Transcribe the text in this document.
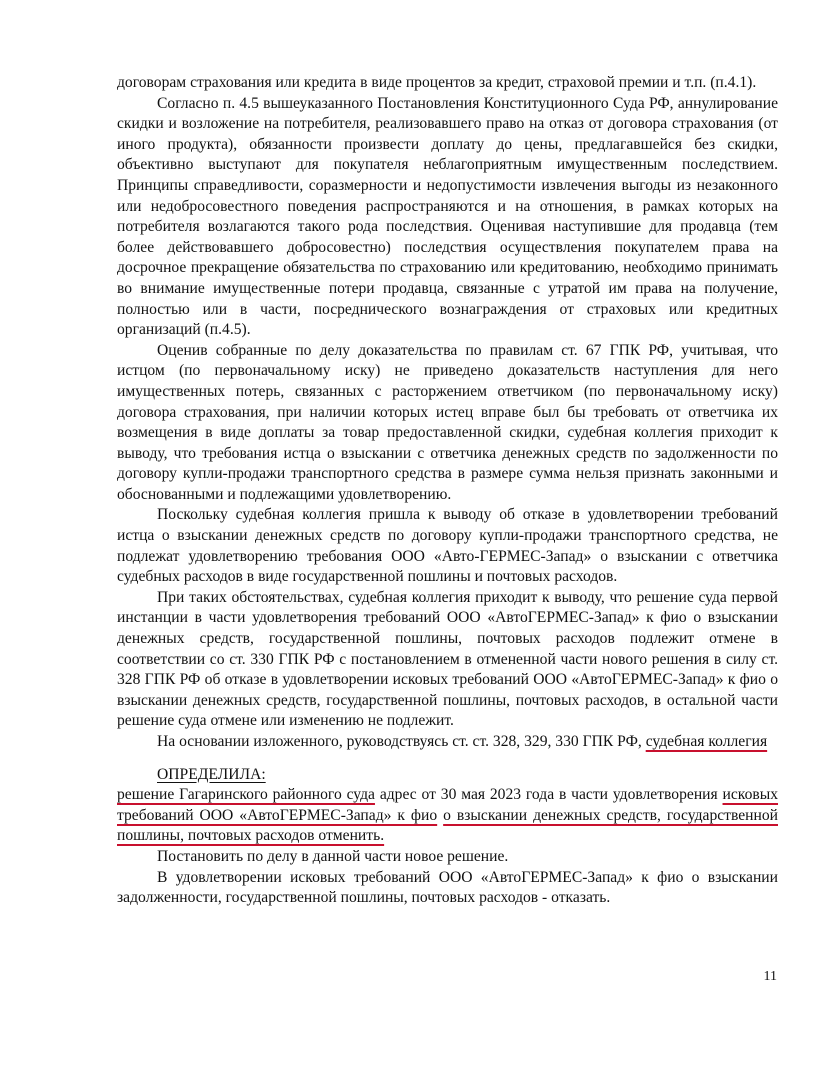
договорам страхования или кредита в виде процентов за кредит, страховой премии и т.п. (п.4.1).

Согласно п. 4.5 вышеуказанного Постановления Конституционного Суда РФ, аннулирование скидки и возложение на потребителя, реализовавшего право на отказ от договора страхования (от иного продукта), обязанности произвести доплату до цены, предлагавшейся без скидки, объективно выступают для покупателя неблагоприятным имущественным последствием. Принципы справедливости, соразмерности и недопустимости извлечения выгоды из незаконного или недобросовестного поведения распространяются и на отношения, в рамках которых на потребителя возлагаются такого рода последствия. Оценивая наступившие для продавца (тем более действовавшего добросовестно) последствия осуществления покупателем права на досрочное прекращение обязательства по страхованию или кредитованию, необходимо принимать во внимание имущественные потери продавца, связанные с утратой им права на получение, полностью или в части, посреднического вознаграждения от страховых или кредитных организаций (п.4.5).

Оценив собранные по делу доказательства по правилам ст. 67 ГПК РФ, учитывая, что истцом (по первоначальному иску) не приведено доказательств наступления для него имущественных потерь, связанных с расторжением ответчиком (по первоначальному иску) договора страхования, при наличии которых истец вправе был бы требовать от ответчика их возмещения в виде доплаты за товар предоставленной скидки, судебная коллегия приходит к выводу, что требования истца о взыскании с ответчика денежных средств по задолженности по договору купли-продажи транспортного средства в размере сумма нельзя признать законными и обоснованными и подлежащими удовлетворению.

Поскольку судебная коллегия пришла к выводу об отказе в удовлетворении требований истца о взыскании денежных средств по договору купли-продажи транспортного средства, не подлежат удовлетворению требования ООО «Авто-ГЕРМЕС-Запад» о взыскании с ответчика судебных расходов в виде государственной пошлины и почтовых расходов.

При таких обстоятельствах, судебная коллегия приходит к выводу, что решение суда первой инстанции в части удовлетворения требований ООО «АвтоГЕРМЕС-Запад» к фио о взыскании денежных средств, государственной пошлины, почтовых расходов подлежит отмене в соответствии со ст. 330 ГПК РФ с постановлением в отмененной части нового решения в силу ст. 328 ГПК РФ об отказе в удовлетворении исковых требований ООО «АвтоГЕРМЕС-Запад» к фио о взыскании денежных средств, государственной пошлины, почтовых расходов, в остальной части решение суда отмене или изменению не подлежит.

На основании изложенного, руководствуясь ст. ст. 328, 329, 330 ГПК РФ, судебная коллегия

ОПРЕДЕЛИЛА:

решение Гагаринского районного суда адрес от 30 мая 2023 года в части удовлетворения исковых требований ООО «АвтоГЕРМЕС-Запад» к фио о взыскании денежных средств, государственной пошлины, почтовых расходов отменить.

Постановить по делу в данной части новое решение.

В удовлетворении исковых требований ООО «АвтоГЕРМЕС-Запад» к фио о взыскании задолженности, государственной пошлины, почтовых расходов - отказать.

11
